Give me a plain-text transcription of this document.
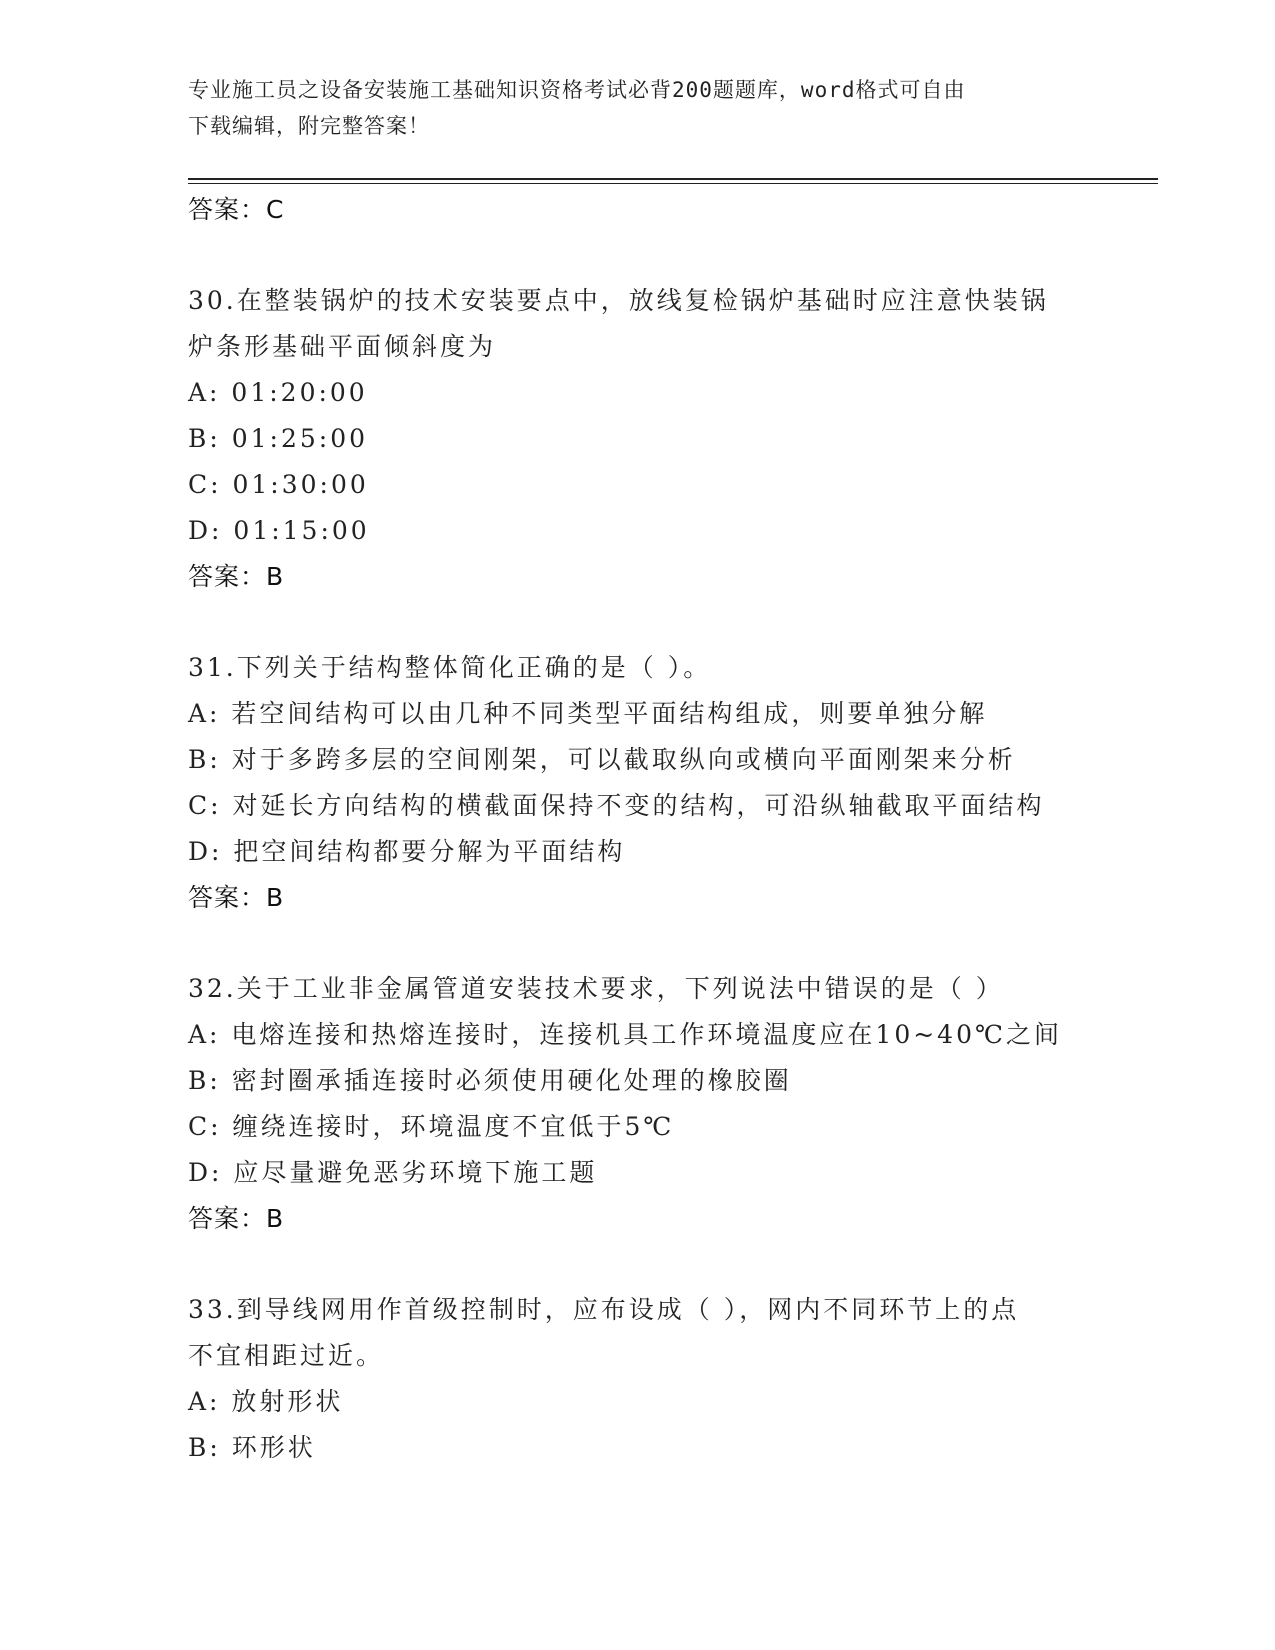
专业施工员之设备安装施工基础知识资格考试必背200题题库，word格式可自由
下载编辑，附完整答案！
答案：C
30.在整装锅炉的技术安装要点中，放线复检锅炉基础时应注意快装锅
炉条形基础平面倾斜度为
A: 01:20:00
B: 01:25:00
C: 01:30:00
D: 01:15:00
答案：B
31.下列关于结构整体简化正确的是（ ）。
A: 若空间结构可以由几种不同类型平面结构组成，则要单独分解
B: 对于多跨多层的空间刚架，可以截取纵向或横向平面刚架来分析
C: 对延长方向结构的横截面保持不变的结构，可沿纵轴截取平面结构
D: 把空间结构都要分解为平面结构
答案：B
32.关于工业非金属管道安装技术要求，下列说法中错误的是（ ）
A: 电熔连接和热熔连接时，连接机具工作环境温度应在10~40℃之间
B: 密封圈承插连接时必须使用硬化处理的橡胶圈
C: 缠绕连接时，环境温度不宜低于5℃
D: 应尽量避免恶劣环境下施工题
答案：B
33.到导线网用作首级控制时，应布设成（ ），网内不同环节上的点
不宜相距过近。
A: 放射形状
B: 环形状
